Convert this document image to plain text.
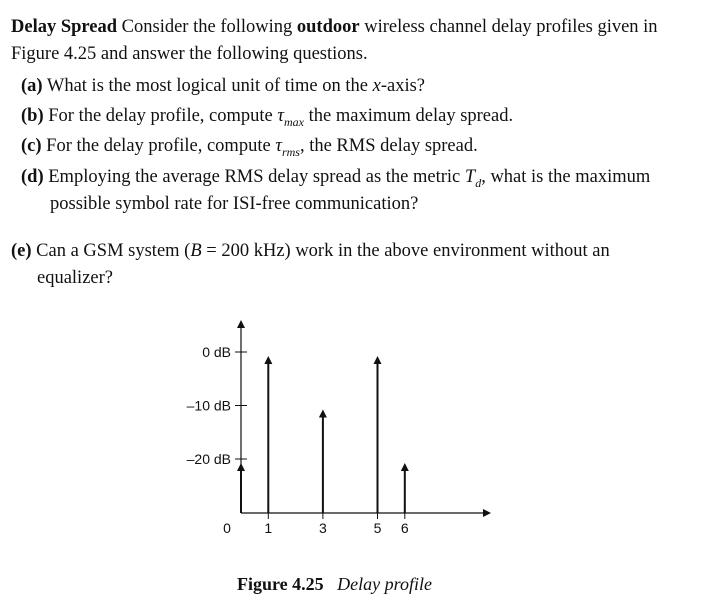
Delay Spread Consider the following outdoor wireless channel delay profiles given in
Figure 4.25 and answer the following questions.
(a) What is the most logical unit of time on the x-axis?
(b) For the delay profile, compute $\tau_{max}$ the maximum delay spread.
(c) For the delay profile, compute $\tau_{rms}$, the RMS delay spread.
(d) Employing the average RMS delay spread as the metric $T_d$, what is the maximum
possible symbol rate for ISI-free communication?
(e) Can a GSM system (B = 200 kHz) work in the above environment without an
equalizer?
0 dB
–10 dB
–20 dB
0 1	3	5 6
Figure 4.25 Delay profile
